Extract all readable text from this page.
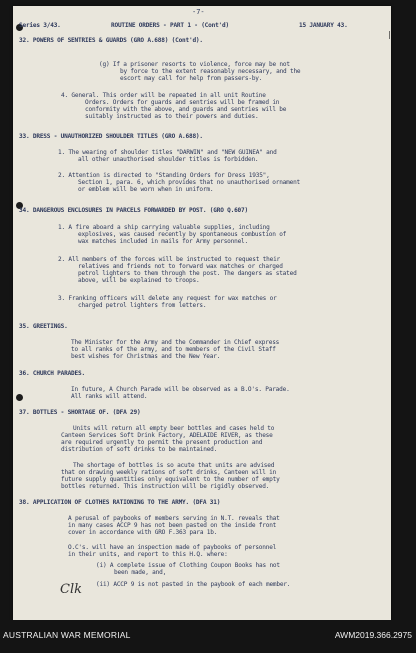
-7-
|
Series 3/43.	ROUTINE ORDERS - PART 1 - (Cont'd)	15 JANUARY 43.
32. POWERS OF SENTRIES & GUARDS (GRO A.688) (Cont'd).
(g) If a prisoner resorts to violence, force may be not
by force to the extent reasonably necessary, and the
escort may call for help from passers-by.
4. General. This order will be repeated in all unit Routine
Orders. Orders for guards and sentries will be framed in
conformity with the above, and guards and sentries will be
suitably instructed as to their powers and duties.
33. DRESS - UNAUTHORIZED SHOULDER TITLES (GRO A.688).
1. The wearing of shoulder titles "DARWIN" and "NEW GUINEA" and
all other unauthorised shoulder titles is forbidden.
2. Attention is directed to "Standing Orders for Dress 1935",
Section 1, para. 6, which provides that no unauthorised ornament
or emblem will be worn when in uniform.
34. DANGEROUS ENCLOSURES IN PARCELS FORWARDED BY POST. (GRO Q.607)
1. A fire aboard a ship carrying valuable supplies, including
explosives, was caused recently by spontaneous combustion of
wax matches included in mails for Army personnel.
2. All members of the forces will be instructed to request their
relatives and friends not to forward wax matches or charged
petrol lighters to them through the post. The dangers as stated
above, will be explained to troops.
3. Franking officers will delete any request for wax matches or
charged petrol lighters from letters.
35. GREETINGS.
The Minister for the Army and the Commander in Chief express
to all ranks of the army, and to members of the Civil Staff
best wishes for Christmas and the New Year.
36. CHURCH PARADES.
In future, A Church Parade will be observed as a B.O's. Parade.
All ranks will attend.
37. BOTTLES - SHORTAGE OF. (DFA 29)
Units will return all empty beer bottles and cases held to
Canteen Services Soft Drink Factory, ADELAIDE RIVER, as these
are required urgently to permit the present production and
distribution of soft drinks to be maintained.
The shortage of bottles is so acute that units are advised
that on drawing weekly rations of soft drinks, Canteen will in
future supply quantities only equivalent to the number of empty
bottles returned. This instruction will be rigidly observed.
38. APPLICATION OF CLOTHES RATIONING TO THE ARMY. (DFA 31)
A perusal of paybooks of members serving in N.T. reveals that
in many cases ACCP 9 has not been pasted on the inside front
cover in accordance with GRO F.363 para 1b.
O.C's. will have an inspection made of paybooks of personnel
in their units, and report to this H.Q. where:
(i) A complete issue of Clothing Coupon Books has not
been made, and,
(ii) ACCP 9 is not pasted in the paybook of each member.
Clk
AUSTRALIAN WAR MEMORIAL	AWM2019.366.2975
